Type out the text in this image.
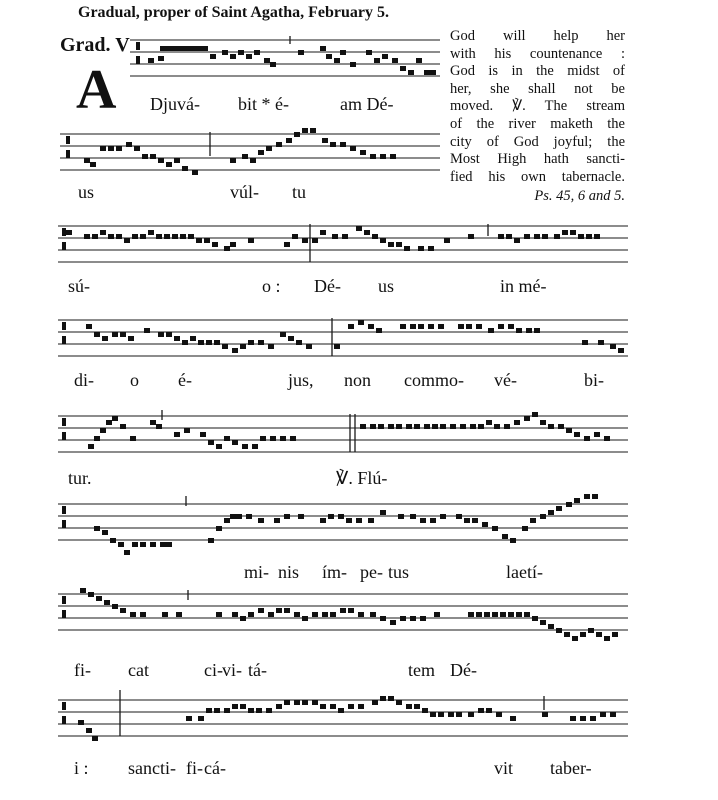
Gradual, proper of Saint Agatha, February 5.
Grad. V
A
God will help her
with his countenance :
God is in the midst of
her, she shall not be
moved. ℣. The stream
of the river maketh the
city of God joyful; the
Most High hath sancti-
fied his own tabernacle.
Ps. 45, 6 and 5.
Djuvá- bit * é-	am Dé-
us	vúl- tu
sú-	o : Dé- us	in mé-
di- o é-	jus, non commo- vé-	bi-
tur.	℣. Flú-
mi- nis ím- pe- tus	laetí-
fi- cat	ci- vi- tá-	tem Dé-
i : sancti- fi- cá-	vit taber-
